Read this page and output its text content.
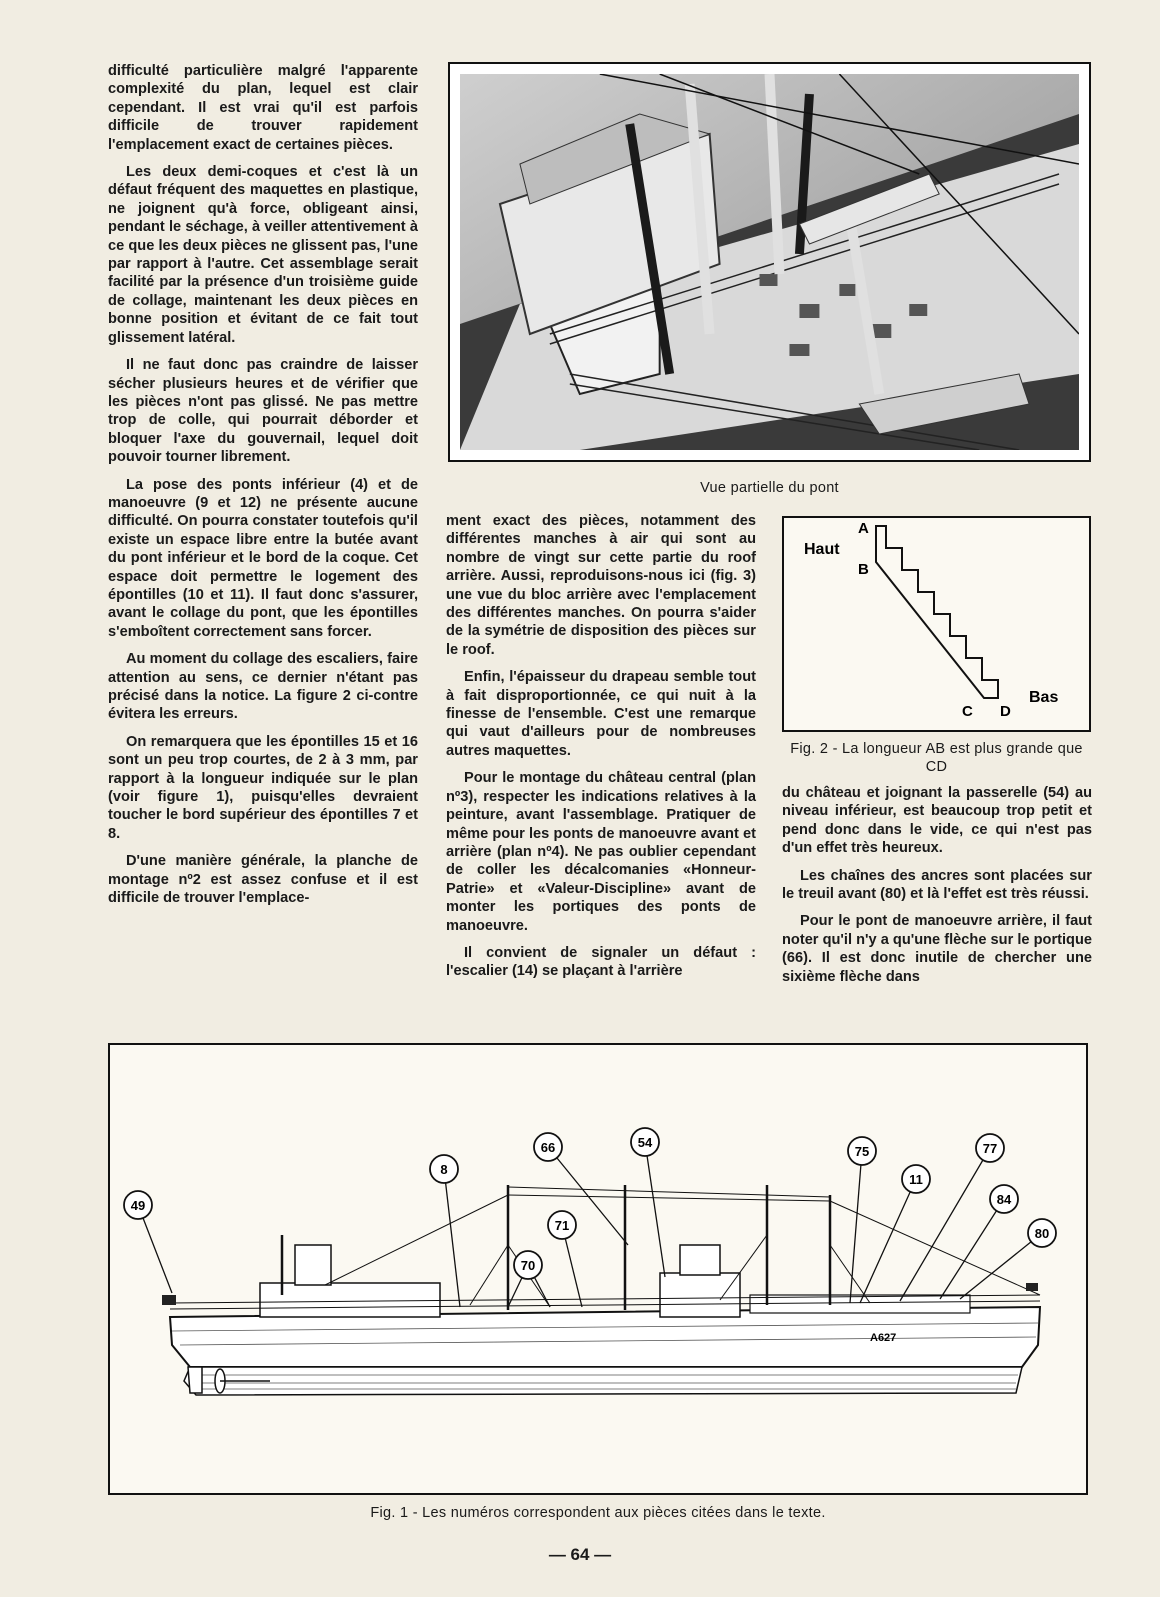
difficulté particulière malgré l'apparente complexité du plan, lequel est clair cependant. Il est vrai qu'il est parfois difficile de trouver rapidement l'emplacement exact de certaines pièces.

Les deux demi-coques et c'est là un défaut fréquent des maquettes en plastique, ne joignent qu'à force, obligeant ainsi, pendant le séchage, à veiller attentivement à ce que les deux pièces ne glissent pas, l'une par rapport à l'autre. Cet assemblage serait facilité par la présence d'un troisième guide de collage, maintenant les deux pièces en bonne position et évitant de ce fait tout glissement latéral.

Il ne faut donc pas craindre de laisser sécher plusieurs heures et de vérifier que les pièces n'ont pas glissé. Ne pas mettre trop de colle, qui pourrait déborder et bloquer l'axe du gouvernail, lequel doit pouvoir tourner librement.

La pose des ponts inférieur (4) et de manoeuvre (9 et 12) ne présente aucune difficulté. On pourra constater toutefois qu'il existe un espace libre entre la butée avant du pont inférieur et le bord de la coque. Cet espace doit permettre le logement des épontilles (10 et 11). Il faut donc s'assurer, avant le collage du pont, que les épontilles s'emboîtent correctement sans forcer.

Au moment du collage des escaliers, faire attention au sens, ce dernier n'étant pas précisé dans la notice. La figure 2 ci-contre évitera les erreurs.

On remarquera que les épontilles 15 et 16 sont un peu trop courtes, de 2 à 3 mm, par rapport à la longueur indiquée sur le plan (voir figure 1), puisqu'elles devraient toucher le bord supérieur des épontilles 7 et 8.

D'une manière générale, la planche de montage nº2 est assez confuse et il est difficile de trouver l'emplace-

Vue partielle du pont

ment exact des pièces, notamment des différentes manches à air qui sont au nombre de vingt sur cette partie du roof arrière. Aussi, reproduisons-nous ici (fig. 3) une vue du bloc arrière avec l'emplacement des différentes manches. On pourra s'aider de la symétrie de disposition des pièces sur le roof.

Enfin, l'épaisseur du drapeau semble tout à fait disproportionnée, ce qui nuit à la finesse de l'ensemble. C'est une remarque qui vaut d'ailleurs pour de nombreuses autres maquettes.

Pour le montage du château central (plan nº3), respecter les indications relatives à la peinture, avant l'assemblage. Pratiquer de même pour les ponts de manoeuvre avant et arrière (plan nº4). Ne pas oublier cependant de coller les décalcomanies «Honneur-Patrie» et «Valeur-Discipline» avant de monter les portiques des ponts de manoeuvre.

Il convient de signaler un défaut : l'escalier (14) se plaçant à l'arrière

Haut
Bas
A
B
C D
Fig. 2 - La longueur AB est plus grande que CD

du château et joignant la passerelle (54) au niveau inférieur, est beaucoup trop petit et pend donc dans le vide, ce qui n'est pas d'un effet très heureux.

Les chaînes des ancres sont placées sur le treuil avant (80) et là l'effet est très réussi.

Pour le pont de manoeuvre arrière, il faut noter qu'il n'y a qu'une flèche sur le portique (66). Il est donc inutile de chercher une sixième flèche dans

A627
49
8
66
71
70
54
75
11
77
84
80
Fig. 1 - Les numéros correspondent aux pièces citées dans le texte.
— 64 —
